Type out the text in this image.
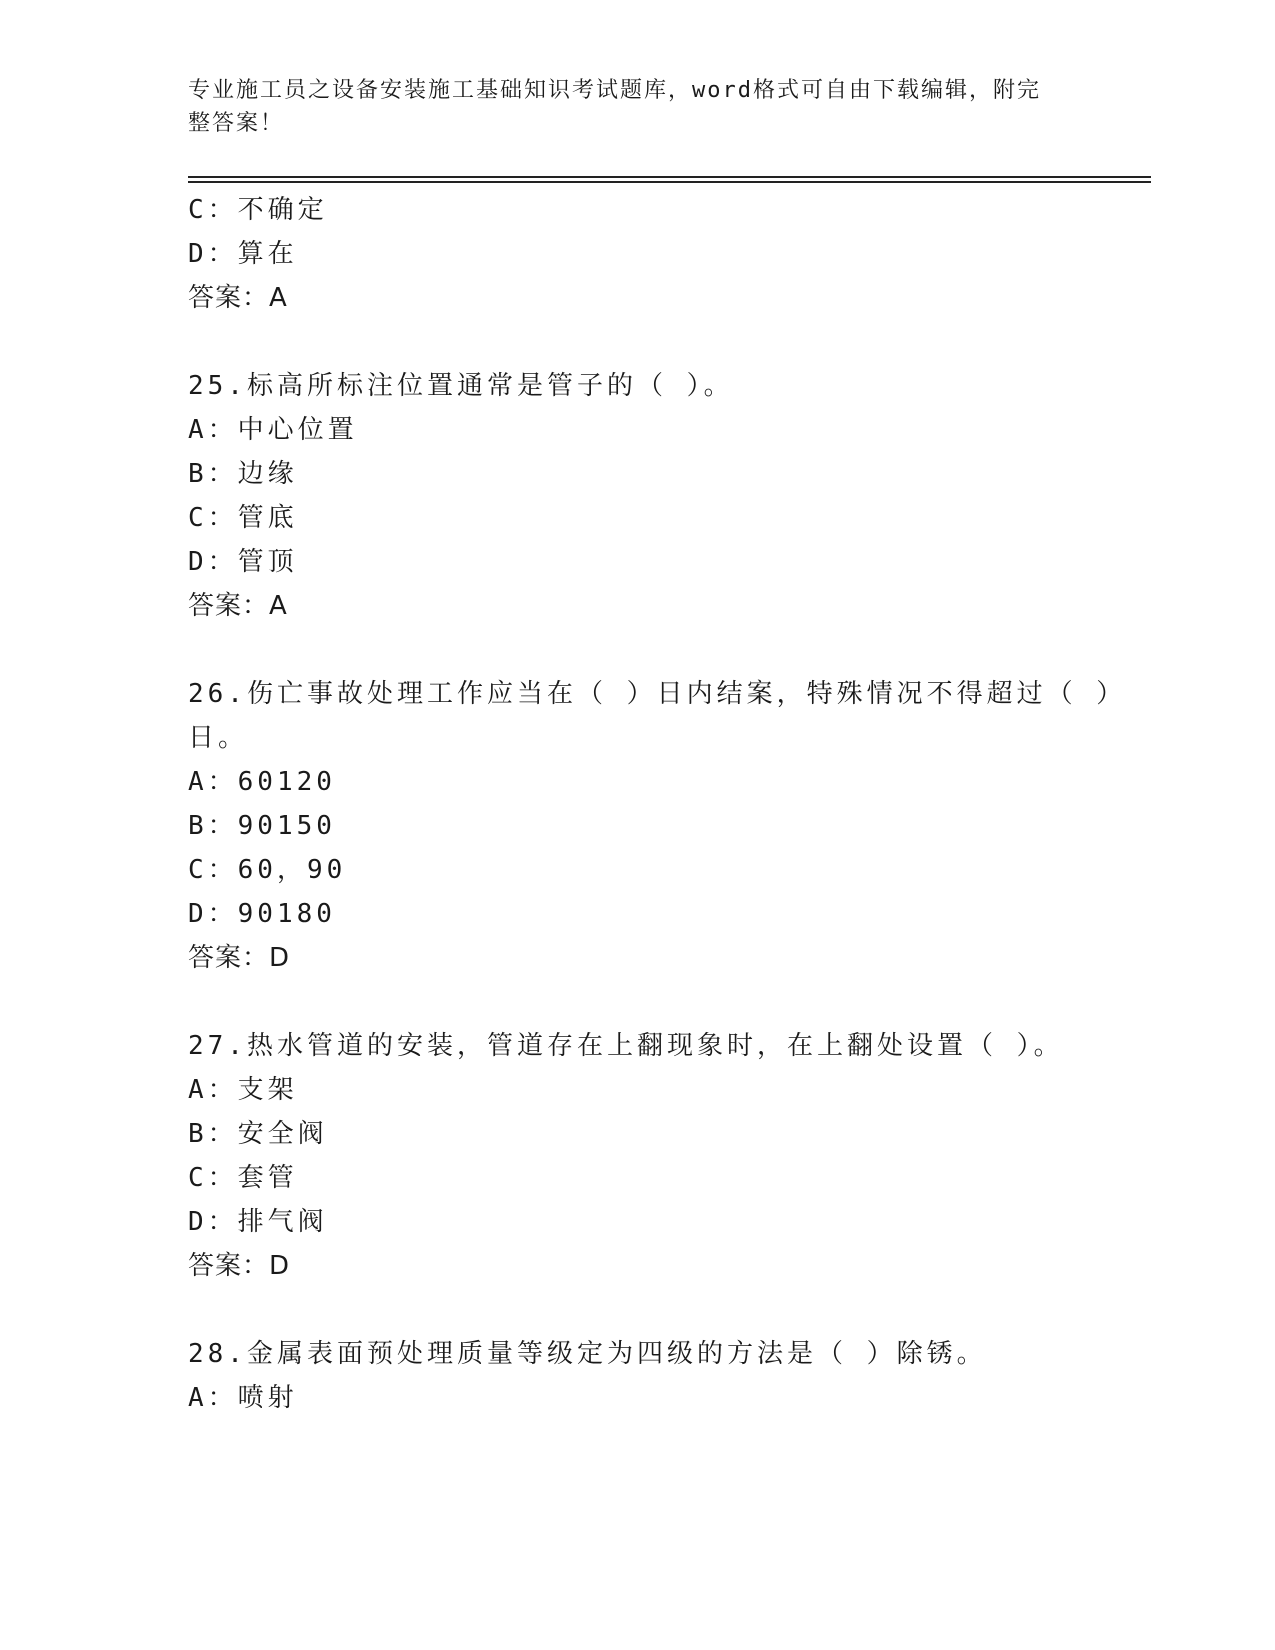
专业施工员之设备安装施工基础知识考试题库，word格式可自由下载编辑，附完
整答案！
C：不确定
D：算在
答案：A
25.标高所标注位置通常是管子的（ ）。
A：中心位置
B：边缘
C：管底
D：管顶
答案：A
26.伤亡事故处理工作应当在（ ）日内结案，特殊情况不得超过（ ）
日。
A：60120
B：90150
C：60，90
D：90180
答案：D
27.热水管道的安装，管道存在上翻现象时，在上翻处设置（ ）。
A：支架
B：安全阀
C：套管
D：排气阀
答案：D
28.金属表面预处理质量等级定为四级的方法是（ ）除锈。
A：喷射
